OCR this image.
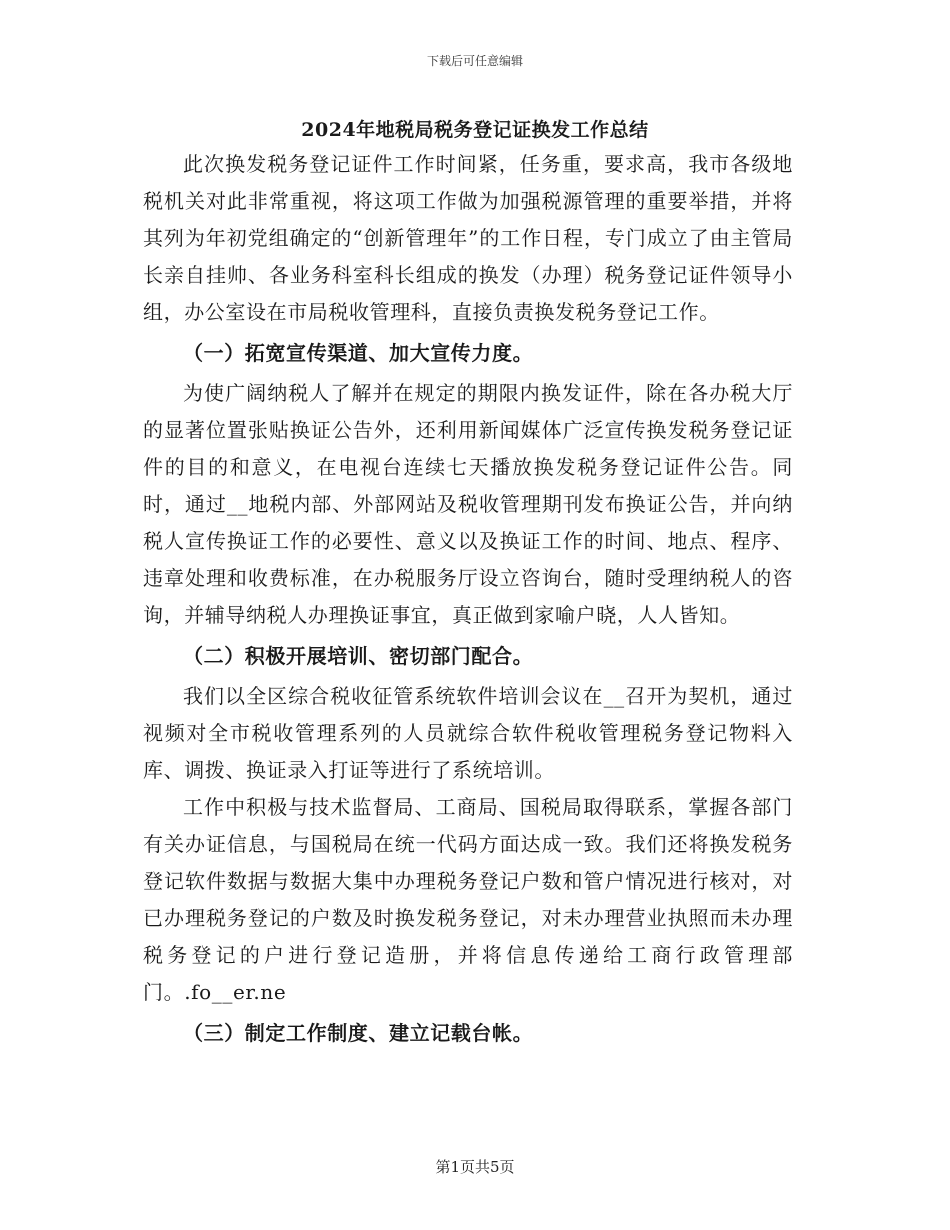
下载后可任意编辑
2024年地税局税务登记证换发工作总结

此次换发税务登记证件工作时间紧，任务重，要求高，我市各级地税机关对此非常重视，将这项工作做为加强税源管理的重要举措，并将其列为年初党组确定的“创新管理年”的工作日程，专门成立了由主管局长亲自挂帅、各业务科室科长组成的换发（办理）税务登记证件领导小组，办公室设在市局税收管理科，直接负责换发税务登记工作。

（一）拓宽宣传渠道、加大宣传力度。

为使广阔纳税人了解并在规定的期限内换发证件，除在各办税大厅的显著位置张贴换证公告外，还利用新闻媒体广泛宣传换发税务登记证件的目的和意义，在电视台连续七天播放换发税务登记证件公告。同时，通过__地税内部、外部网站及税收管理期刊发布换证公告，并向纳税人宣传换证工作的必要性、意义以及换证工作的时间、地点、程序、违章处理和收费标准，在办税服务厅设立咨询台，随时受理纳税人的咨询，并辅导纳税人办理换证事宜，真正做到家喻户晓，人人皆知。

（二）积极开展培训、密切部门配合。

我们以全区综合税收征管系统软件培训会议在__召开为契机，通过视频对全市税收管理系列的人员就综合软件税收管理税务登记物料入库、调拨、换证录入打证等进行了系统培训。

工作中积极与技术监督局、工商局、国税局取得联系，掌握各部门有关办证信息，与国税局在统一代码方面达成一致。我们还将换发税务登记软件数据与数据大集中办理税务登记户数和管户情况进行核对，对已办理税务登记的户数及时换发税务登记，对未办理营业执照而未办理税务登记的户进行登记造册，并将信息传递给工商行政管理部门。.fo__er.ne

（三）制定工作制度、建立记载台帐。
第1页共5页
